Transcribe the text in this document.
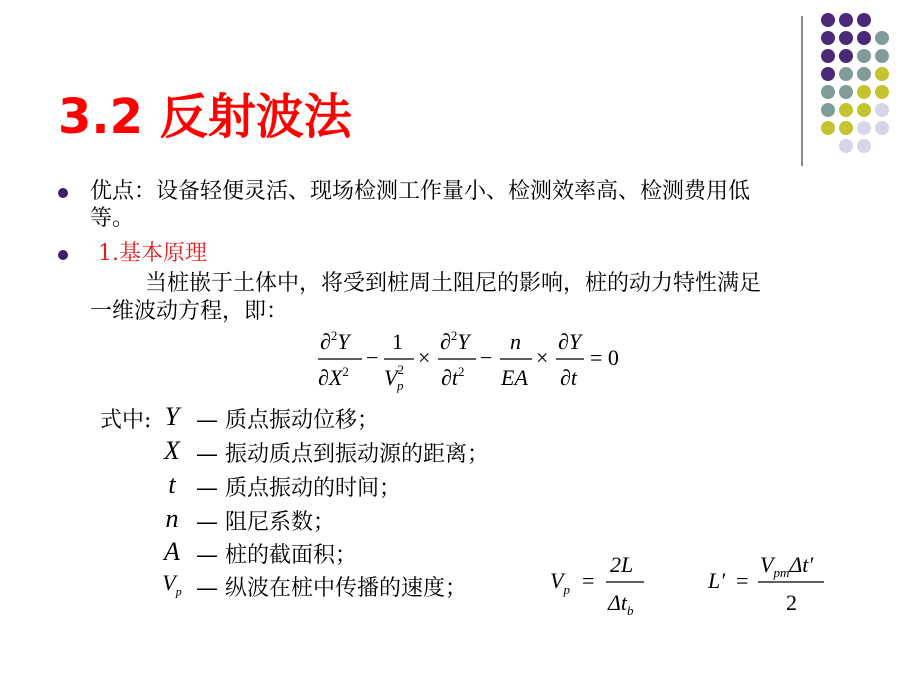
3.2 反射波法
优点：设备轻便灵活、现场检测工作量小、检测效率高、检测费用低
等。
1.基本原理
当桩嵌于土体中，将受到桩周土阻尼的影响，桩的动力特性满足
一维波动方程，即：
∂$^2$Y
$\partial X^2$
−
1
$V^2$ p
×
∂$^2$Y
$\partial t^2$
−
n
EA
×
∂Y
∂t
= 0
式中: Y — 质点振动位移；
X — 振动质点到振动源的距离；
t — 质点振动的时间；
n — 阻尼系数；
A — 桩的截面积；
$V_p$ — 纵波在桩中传播的速度；	$V_p$ =
2L
$\Delta t_b$
L′ =
$V_{pm}\Delta t'$
2
